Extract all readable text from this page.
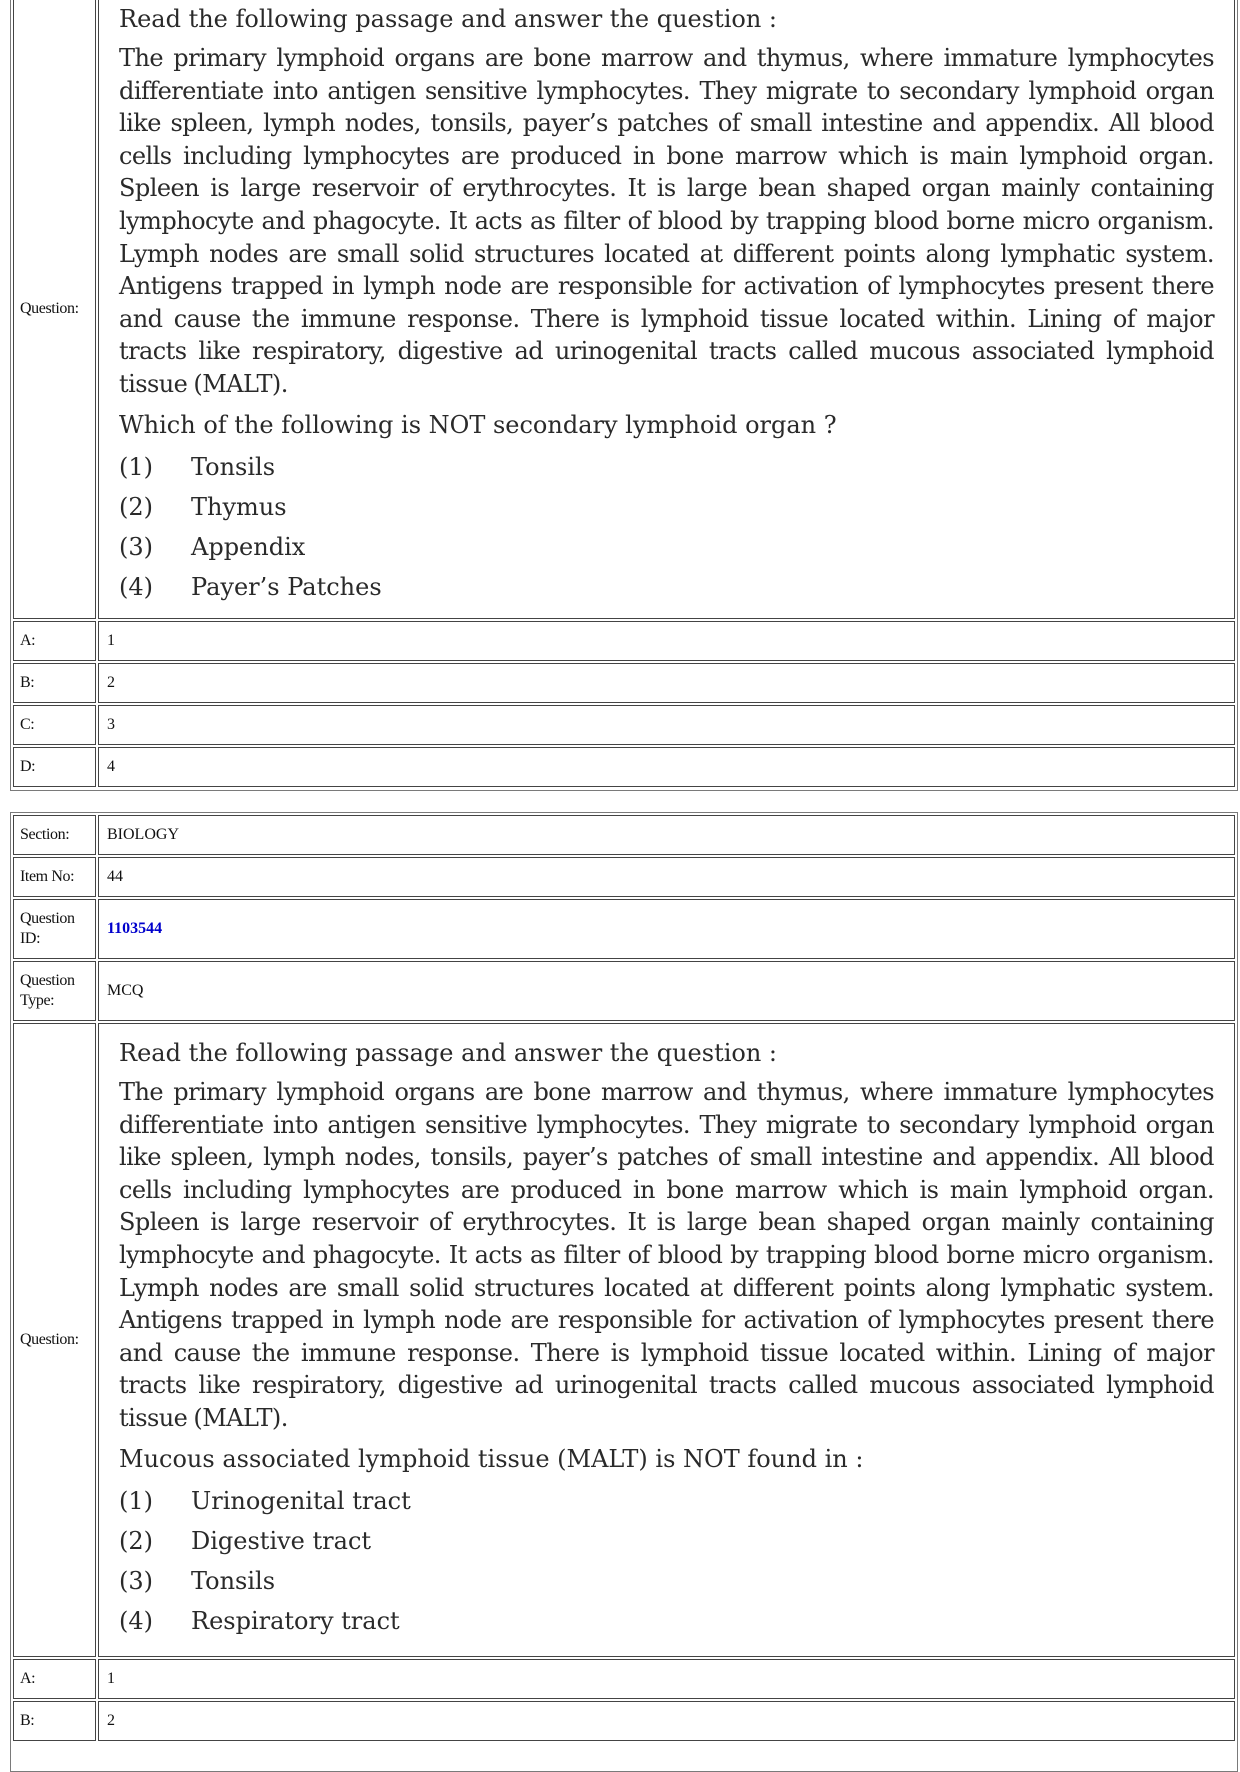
Question:

Read the following passage and answer the question :

The primary lymphoid organs are bone marrow and thymus, where immature lymphocytes differentiate into antigen sensitive lymphocytes. They migrate to secondary lymphoid organ like spleen, lymph nodes, tonsils, payer’s patches of small intestine and appendix. All blood cells including lymphocytes are produced in bone marrow which is main lymphoid organ. Spleen is large reservoir of erythrocytes. It is large bean shaped organ mainly containing lymphocyte and phagocyte. It acts as filter of blood by trapping blood borne micro organism. Lymph nodes are small solid structures located at different points along lymphatic system. Antigens trapped in lymph node are responsible for activation of lymphocytes present there and cause the immune response. There is lymphoid tissue located within. Lining of major tracts like respiratory, digestive ad urinogenital tracts called mucous associated lymphoid tissue (MALT).

Which of the following is NOT secondary lymphoid organ ?

(1)	Tonsils
(2)	Thymus
(3)	Appendix
(4)	Payer’s Patches
A:	1
B:	2
C:	3
D:	4
Section:	BIOLOGY
Item No:	44
Question ID:
1103544
Question Type:
MCQ
Question:

Read the following passage and answer the question :

The primary lymphoid organs are bone marrow and thymus, where immature lymphocytes differentiate into antigen sensitive lymphocytes. They migrate to secondary lymphoid organ like spleen, lymph nodes, tonsils, payer’s patches of small intestine and appendix. All blood cells including lymphocytes are produced in bone marrow which is main lymphoid organ. Spleen is large reservoir of erythrocytes. It is large bean shaped organ mainly containing lymphocyte and phagocyte. It acts as filter of blood by trapping blood borne micro organism. Lymph nodes are small solid structures located at different points along lymphatic system. Antigens trapped in lymph node are responsible for activation of lymphocytes present there and cause the immune response. There is lymphoid tissue located within. Lining of major tracts like respiratory, digestive ad urinogenital tracts called mucous associated lymphoid tissue (MALT).

Mucous associated lymphoid tissue (MALT) is NOT found in :

(1)	Urinogenital tract
(2)	Digestive tract
(3)	Tonsils
(4)	Respiratory tract
A:	1
B:	2
